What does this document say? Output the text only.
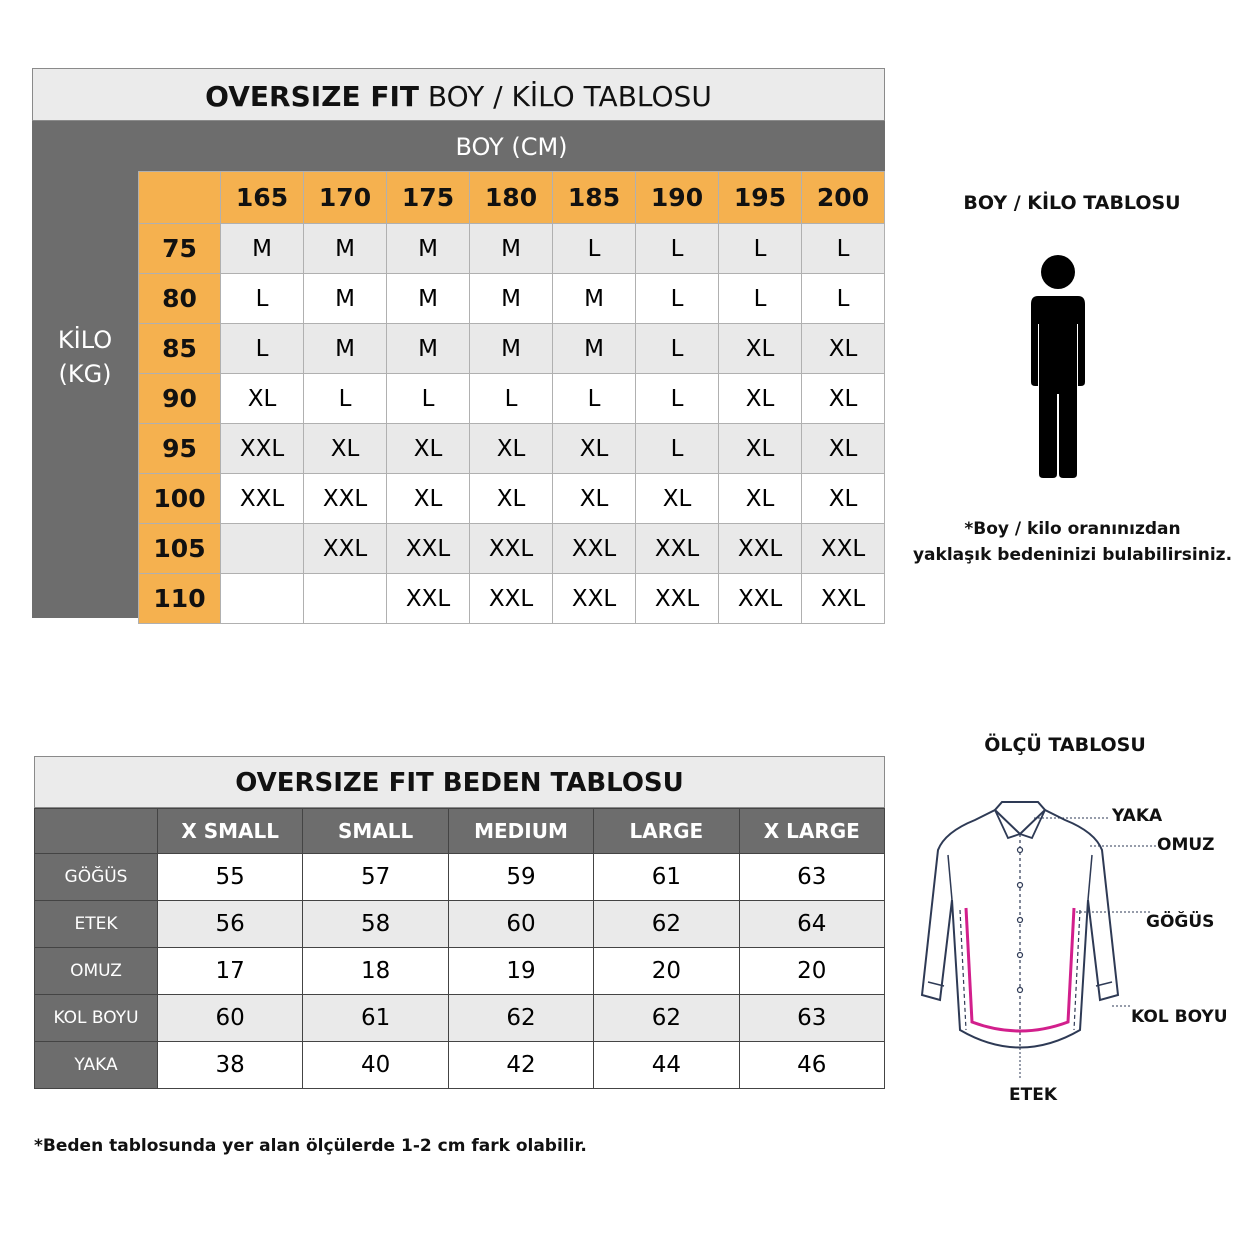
OVERSIZE FIT BOY / KİLO TABLOSU
BOY (CM)
KİLO
(KG)
	165	170	175	180	185	190	195	200
75	M	M	M	M	L	L	L	L
80	L	M	M	M	M	L	L	L
85	L	M	M	M	M	L	XL	XL
90	XL	L	L	L	L	L	XL	XL
95	XXL	XL	XL	XL	XL	L	XL	XL
100	XXL	XXL	XL	XL	XL	XL	XL	XL
105		XXL	XXL	XXL	XXL	XXL	XXL	XXL
110			XXL	XXL	XXL	XXL	XXL	XXL
BOY / KİLO TABLOSU
*Boy / kilo oranınızdan
yaklaşık bedeninizi bulabilirsiniz.
OVERSIZE FIT BEDEN TABLOSU
	X SMALL	SMALL	MEDIUM	LARGE	X LARGE
GÖĞÜS	55	57	59	61	63
ETEK	56	58	60	62	64
OMUZ	17	18	19	20	20
KOL BOYU	60	61	62	62	63
YAKA	38	40	42	44	46
ÖLÇÜ TABLOSU
YAKA
OMUZ
GÖĞÜS
KOL BOYU
ETEK
*Beden tablosunda yer alan ölçülerde 1-2 cm fark olabilir.
